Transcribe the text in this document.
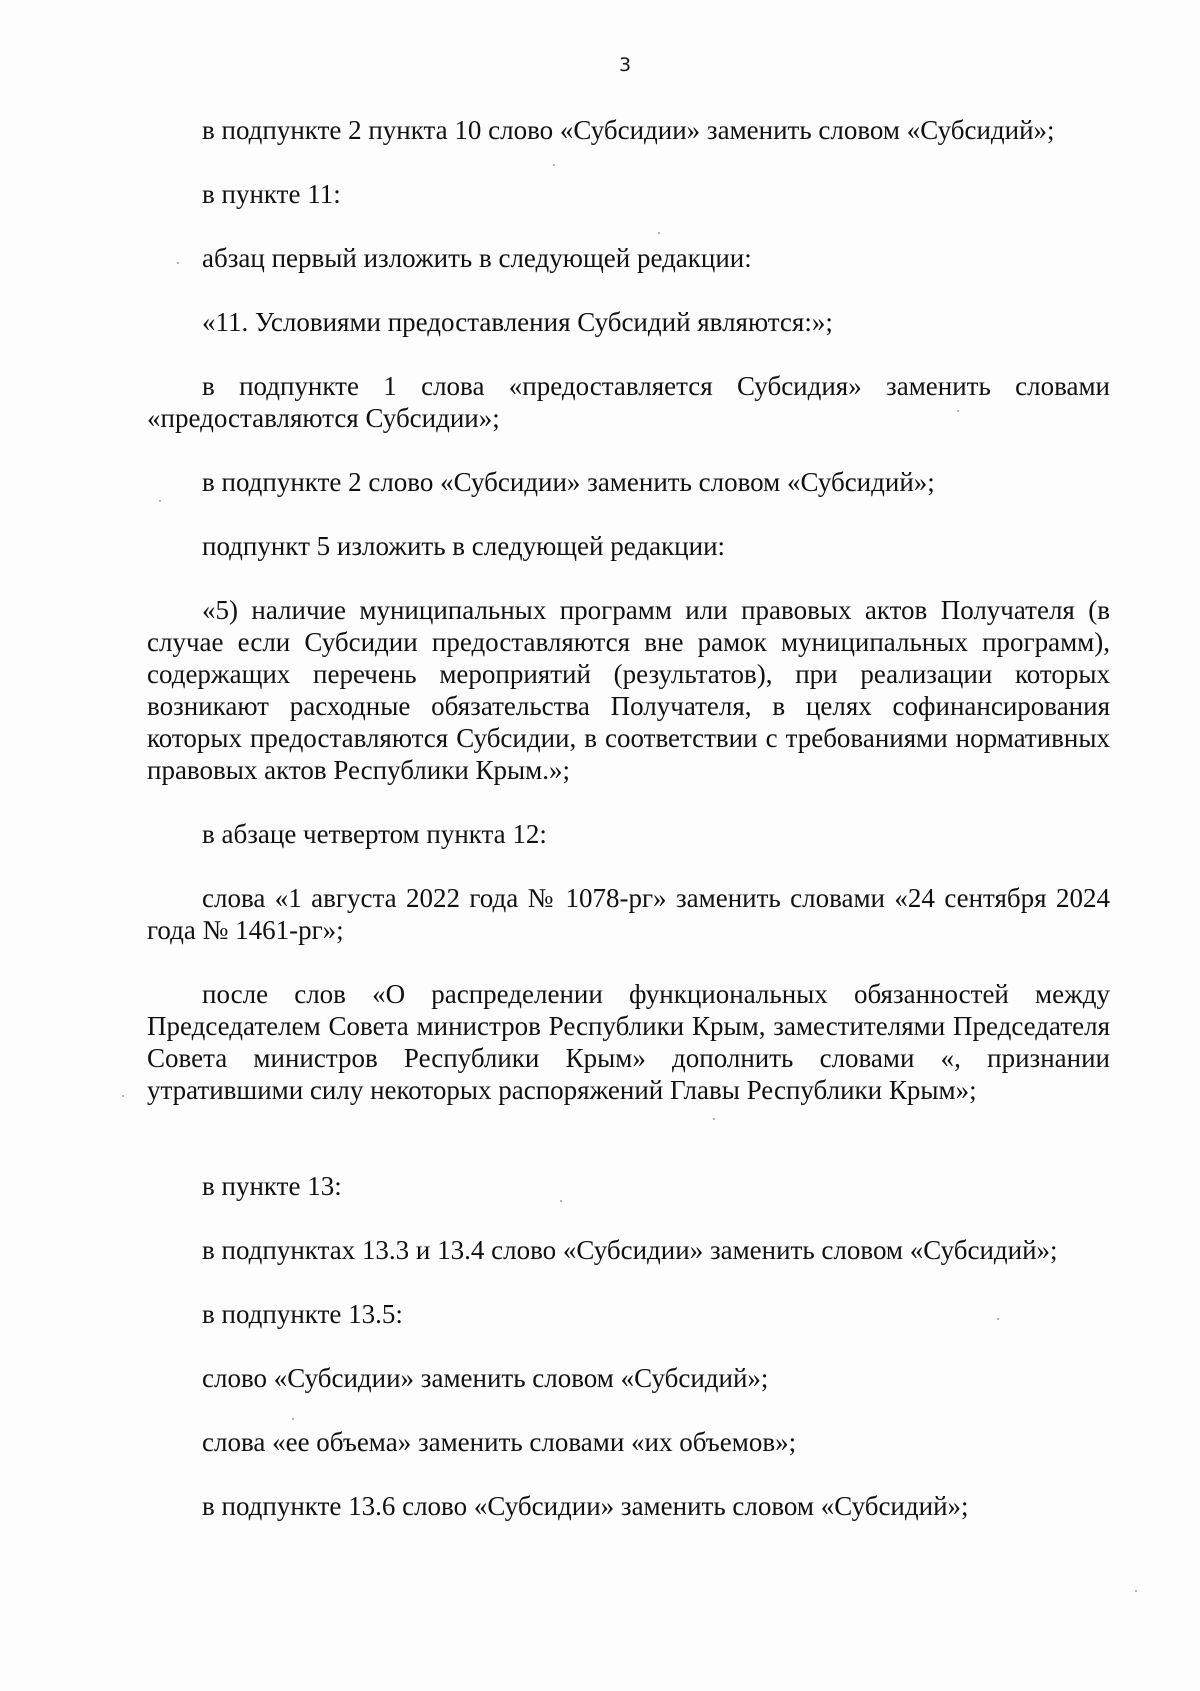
3

в подпункте 2 пункта 10 слово «Субсидии» заменить словом «Субсидий»;

в пункте 11:

абзац первый изложить в следующей редакции:

«11. Условиями предоставления Субсидий являются:»;

в подпункте 1 слова «предоставляется Субсидия» заменить словами «предоставляются Субсидии»;

в подпункте 2 слово «Субсидии» заменить словом «Субсидий»;

подпункт 5 изложить в следующей редакции:

«5) наличие муниципальных программ или правовых актов Получателя (в случае если Субсидии предоставляются вне рамок муниципальных программ), содержащих перечень мероприятий (результатов), при реализации которых возникают расходные обязательства Получателя, в целях софинансирования которых предоставляются Субсидии, в соответствии с требованиями нормативных правовых актов Республики Крым.»;

в абзаце четвертом пункта 12:

слова «1 августа 2022 года № 1078-рг» заменить словами «24 сентября 2024 года № 1461-рг»;

после слов «О распределении функциональных обязанностей между Председателем Совета министров Республики Крым, заместителями Председателя Совета министров Республики Крым» дополнить словами «, признании утратившими силу некоторых распоряжений Главы Республики Крым»;

в пункте 13:

в подпунктах 13.3 и 13.4 слово «Субсидии» заменить словом «Субсидий»;

в подпункте 13.5:

слово «Субсидии» заменить словом «Субсидий»;

слова «ее объема» заменить словами «их объемов»;

в подпункте 13.6 слово «Субсидии» заменить словом «Субсидий»;
